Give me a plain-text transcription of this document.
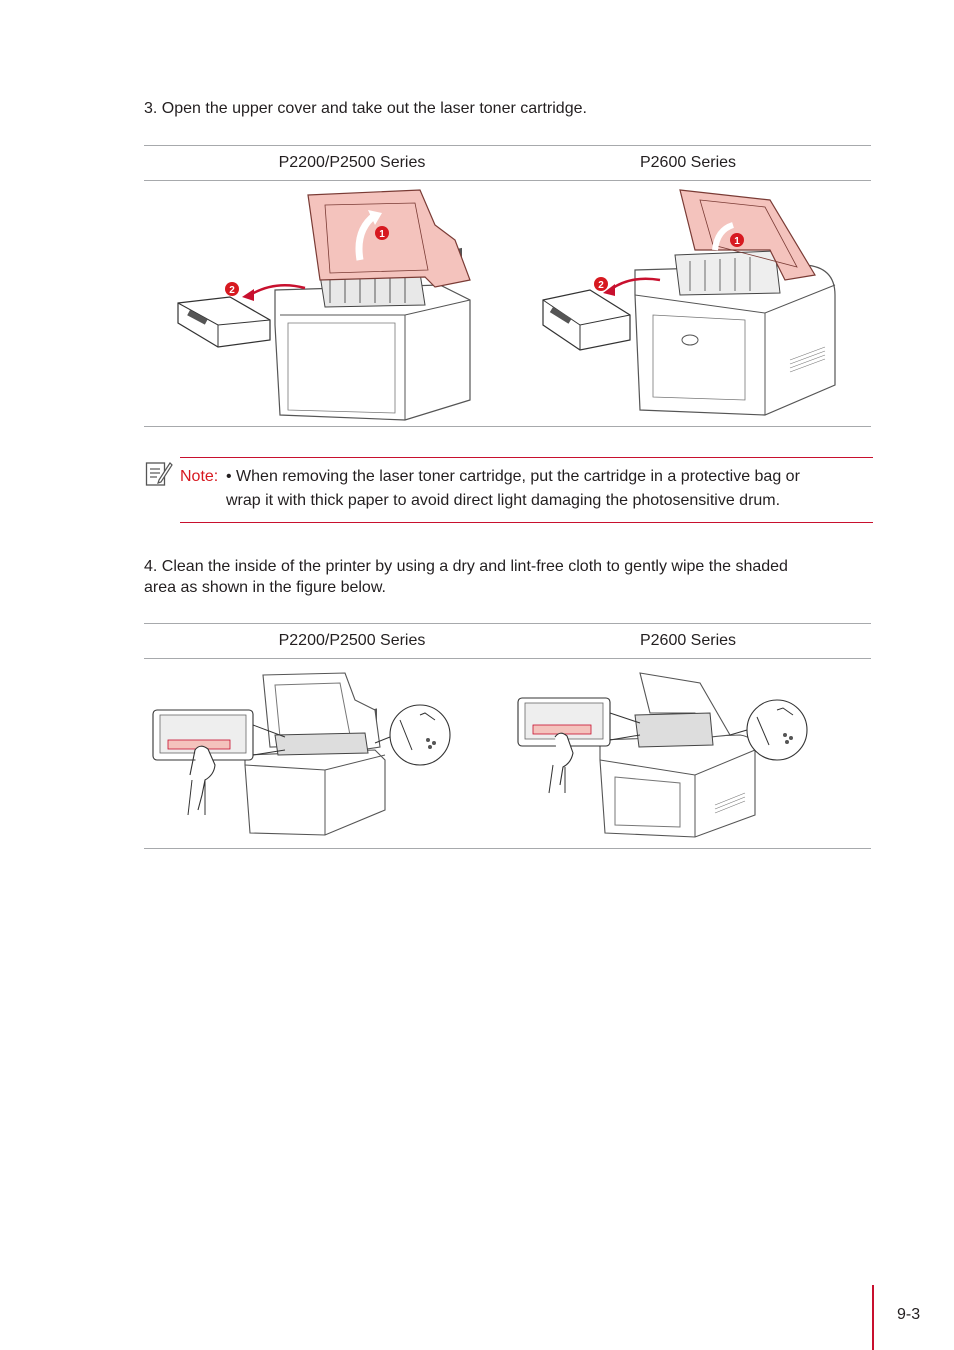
3. Open the upper cover and take out the laser toner cartridge.
P2200/P2500 Series	P2600 Series
1
2
1
2
Note: • When removing the laser toner cartridge, put the cartridge in a protective bag or
wrap it with thick paper to avoid direct light damaging the photosensitive drum.
4. Clean the inside of the printer by using a dry and lint-free cloth to gently wipe the shaded
area as shown in the figure below.
P2200/P2500 Series	P2600 Series
9-3
